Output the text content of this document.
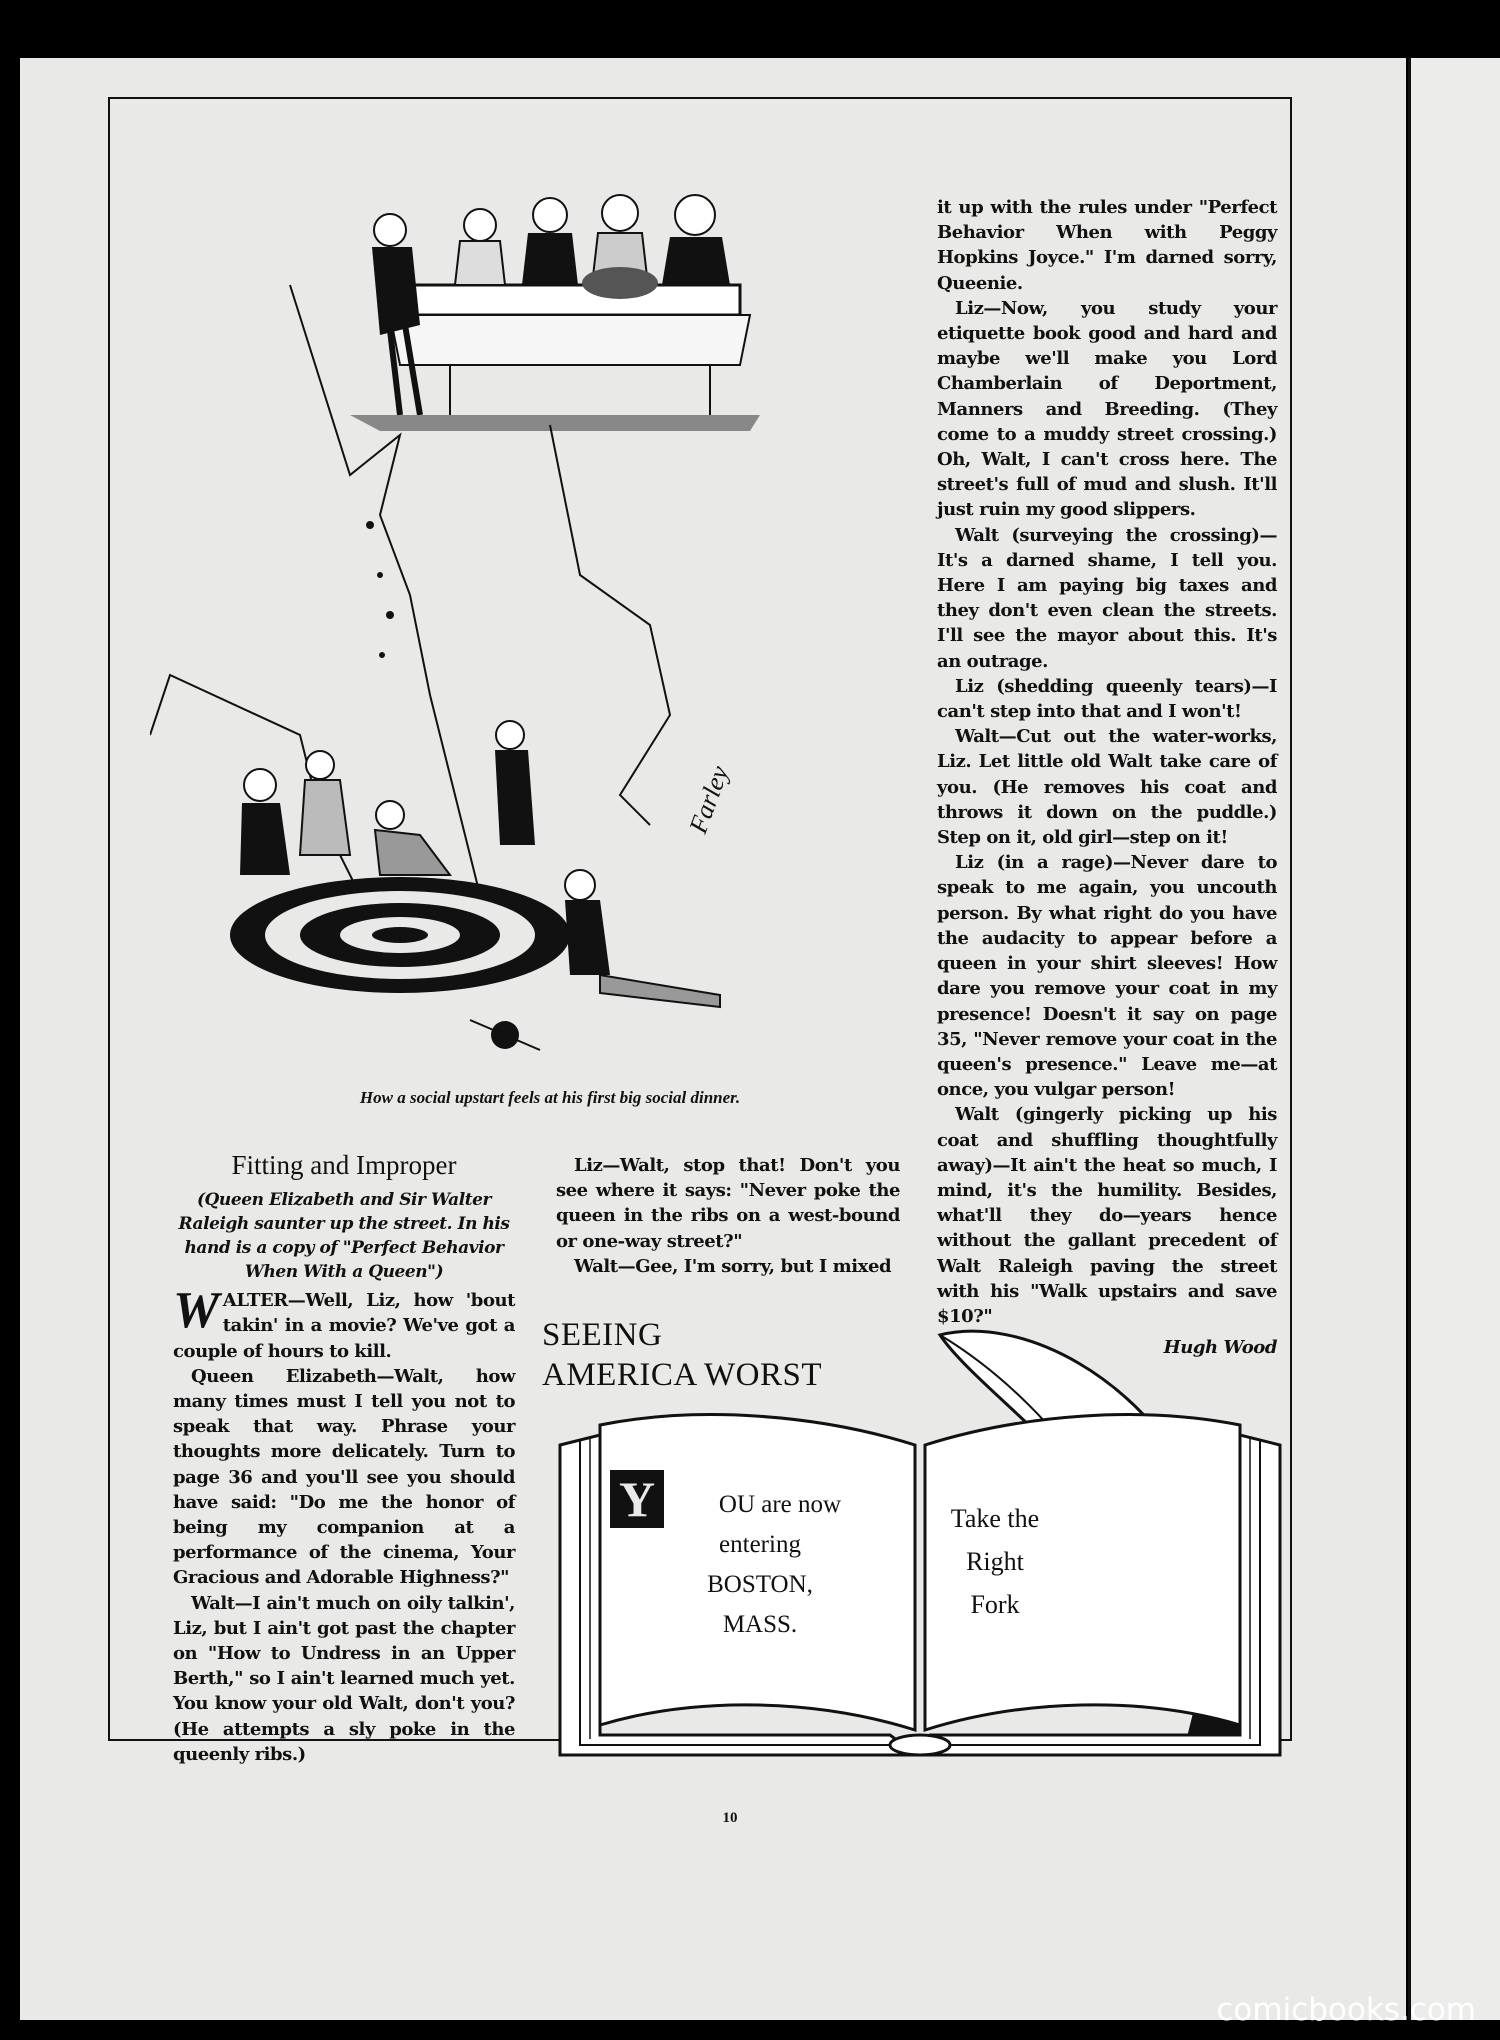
Farley
How a social upstart feels at his first big social dinner.
Fitting and Improper
(Queen Elizabeth and Sir Walter Raleigh saunter up the street. In his hand is a copy of "Perfect Behavior When With a Queen")

WALTER—Well, Liz, how 'bout takin' in a movie? We've got a couple of hours to kill.

Queen Elizabeth—Walt, how many times must I tell you not to speak that way. Phrase your thoughts more delicately. Turn to page 36 and you'll see you should have said: "Do me the honor of being my companion at a performance of the cinema, Your Gracious and Adorable Highness?"

Walt—I ain't much on oily talkin', Liz, but I ain't got past the chapter on "How to Undress in an Upper Berth," so I ain't learned much yet. You know your old Walt, don't you? (He attempts a sly poke in the queenly ribs.)

Liz—Walt, stop that! Don't you see where it says: "Never poke the queen in the ribs on a west-bound or one-way street?"

Walt—Gee, I'm sorry, but I mixed

it up with the rules under "Perfect Behavior When with Peggy Hopkins Joyce." I'm darned sorry, Queenie.

Liz—Now, you study your etiquette book good and hard and maybe we'll make you Lord Chamberlain of Deportment, Manners and Breeding. (They come to a muddy street crossing.) Oh, Walt, I can't cross here. The street's full of mud and slush. It'll just ruin my good slippers.

Walt (surveying the crossing)—It's a darned shame, I tell you. Here I am paying big taxes and they don't even clean the streets. I'll see the mayor about this. It's an outrage.

Liz (shedding queenly tears)—I can't step into that and I won't!

Walt—Cut out the water-works, Liz. Let little old Walt take care of you. (He removes his coat and throws it down on the puddle.) Step on it, old girl—step on it!

Liz (in a rage)—Never dare to speak to me again, you uncouth person. By what right do you have the audacity to appear before a queen in your shirt sleeves! How dare you remove your coat in my presence! Doesn't it say on page 35, "Never remove your coat in the queen's presence." Leave me—at once, you vulgar person!

Walt (gingerly picking up his coat and shuffling thoughtfully away)—It ain't the heat so much, I mind, it's the humility. Besides, what'll they do—years hence without the gallant precedent of Walt Raleigh paving the street with his "Walk upstairs and save $10?"

Hugh Wood
SEEING
AMERICA WORST
Y	OU are now
entering
BOSTON,
MASS.
Take the
Right
Fork
10
comicbooks.com
